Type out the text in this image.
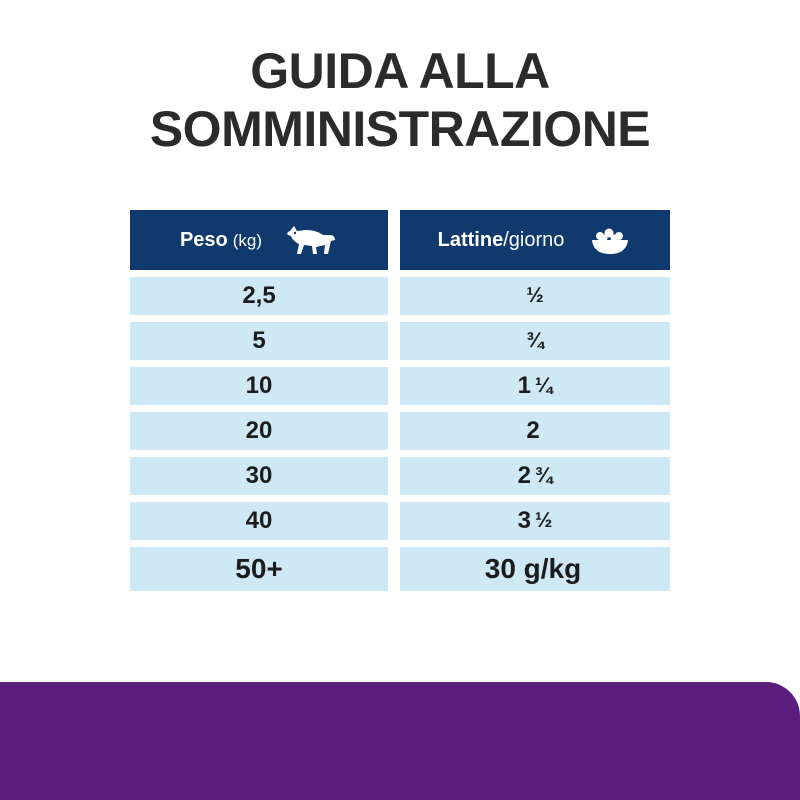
GUIDA ALLA
SOMMINISTRAZIONE
Peso (kg)	Lattine /giorno
2,5	½
5	¾
10	1 ¼
20	2
30	2 ¾
40	3 ½
50+	30 g/kg
